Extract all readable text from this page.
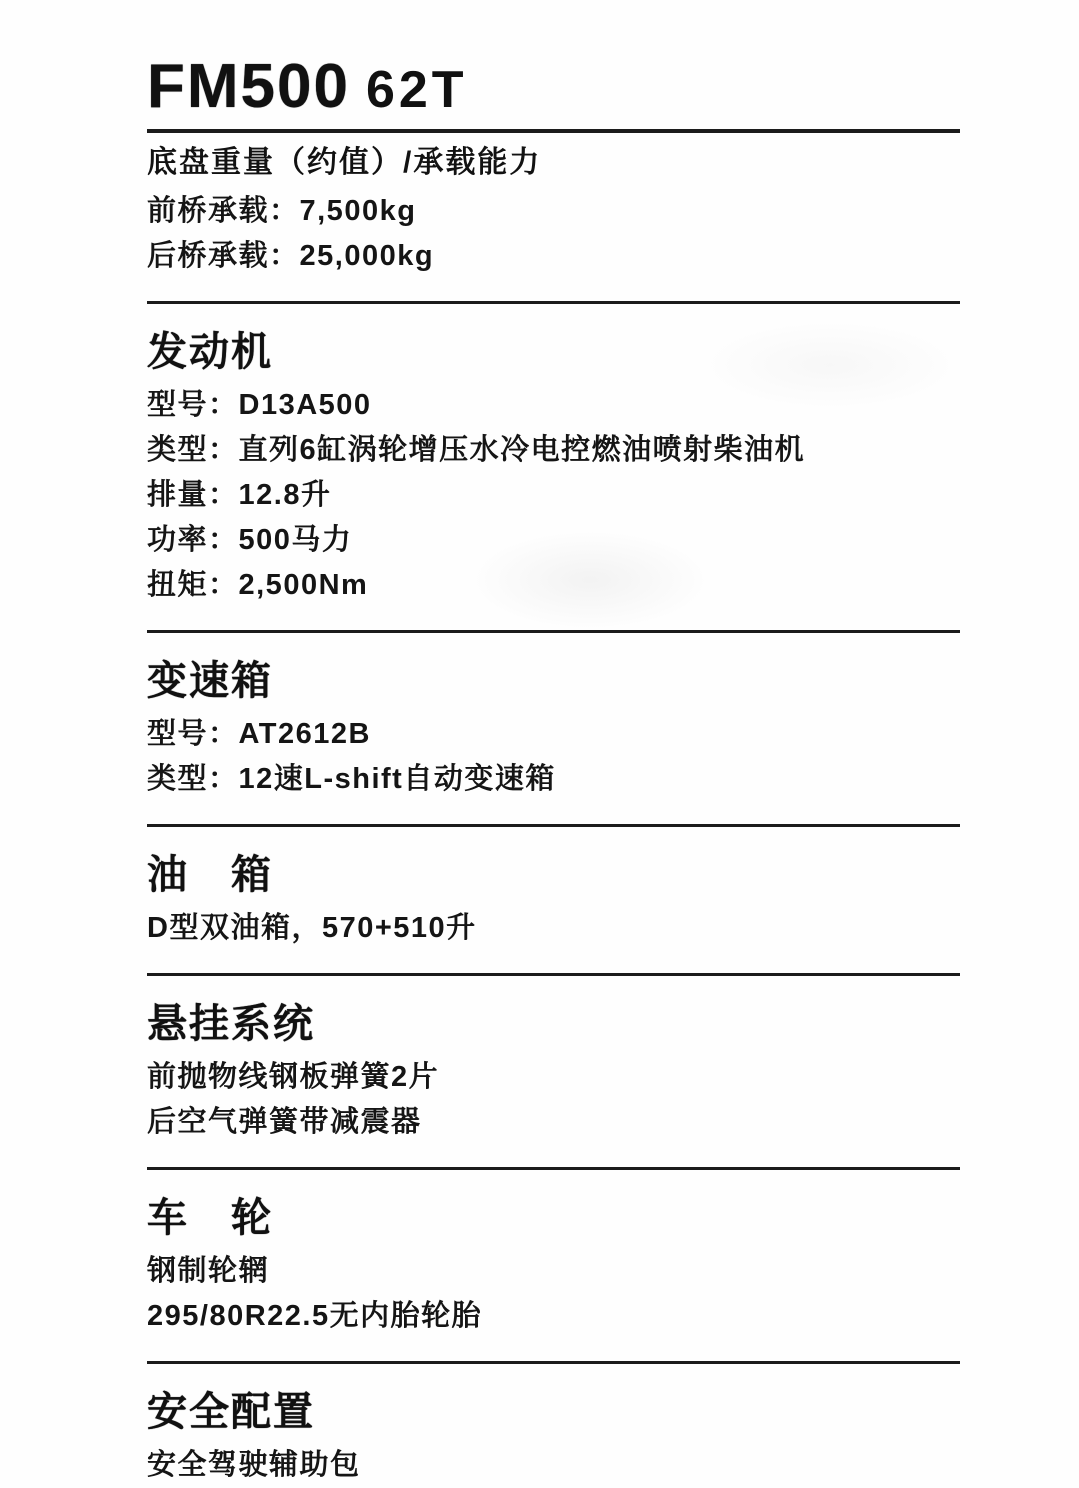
FM500 62T
底盘重量（约值）/承载能力
前桥承载：7,500kg
后桥承载：25,000kg
发动机
型号：D13A500
类型：直列6缸涡轮增压水冷电控燃油喷射柴油机
排量：12.8升
功率：500马力
扭矩：2,500Nm
变速箱
型号：AT2612B
类型：12速L-shift自动变速箱
油　箱
D型双油箱，570+510升
悬挂系统
前抛物线钢板弹簧2片
后空气弹簧带减震器
车　轮
钢制轮辋
295/80R22.5无内胎轮胎
安全配置
安全驾驶辅助包
